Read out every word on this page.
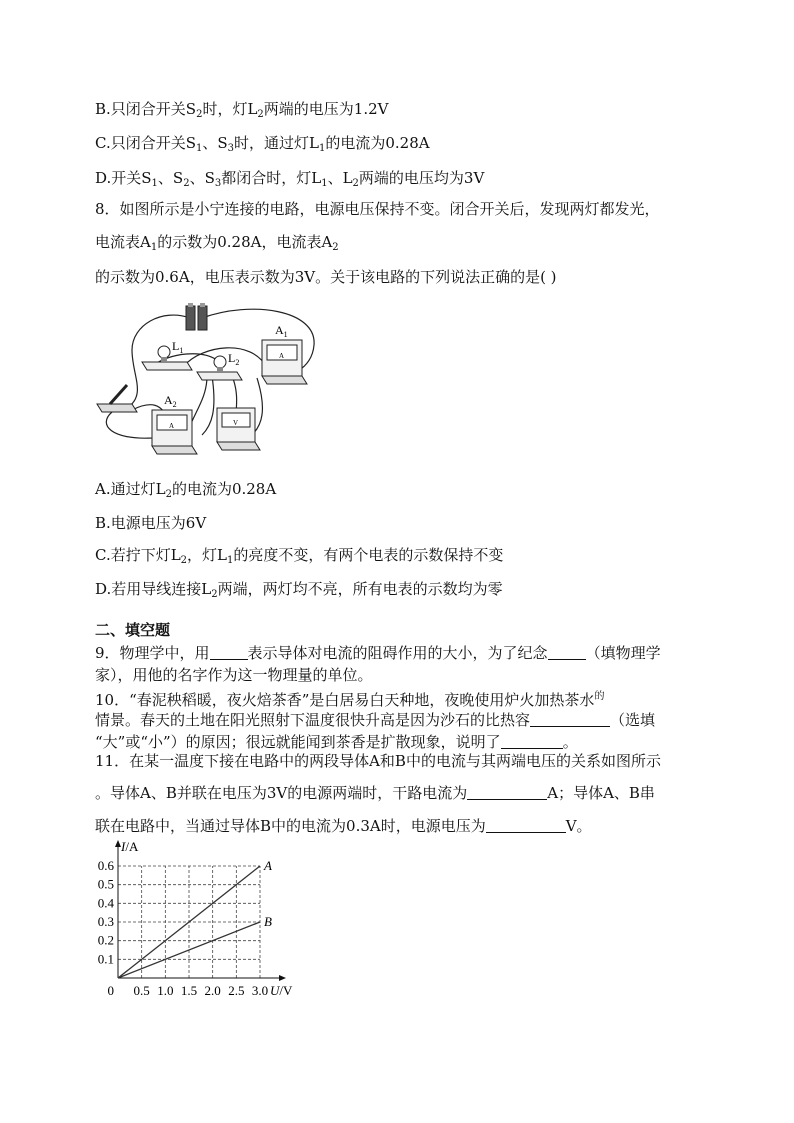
B.只闭合开关$S_2$时，灯$L_2$两端的电压为1.2V
C.只闭合开关$S_1$、$S_3$时，通过灯$L_1$的电流为0.28A
D.开关$S_1$、$S_2$、$S_3$都闭合时，灯$L_1$、$L_2$两端的电压均为3V
8．如图所示是小宁连接的电路，电源电压保持不变。闭合开关后，发现两灯都发光，
电流表$A_1$的示数为0.28A，电流表$A_2$
的示数为0.6A，电压表示数为3V。关于该电路的下列说法正确的是( )
$L_1$
$L_2$
A
$A_1$
A
$A_2$
V
A.通过灯$L_2$的电流为0.28A
B.电源电压为6V
C.若拧下灯$L_2$，灯$L_1$的亮度不变，有两个电表的示数保持不变
D.若用导线连接$L_2$两端，两灯均不亮，所有电表的示数均为零
二、填空题
9．物理学中，用	表示导体对电流的阻碍作用的大小，为了纪念	（填物理学
家），用他的名字作为这一物理量的单位。
10．“春泥秧稻暖，夜火焙茶香”是白居易白天种地，夜晚使用炉火加热茶水$^的$
情景。春天的土地在阳光照射下温度很快升高是因为沙石的比热容	（选填
“大”或“小”）的原因；很远就能闻到茶香是扩散现象，说明了	。
11．在某一温度下接在电路中的两段导体A和B中的电流与其两端电压的关系如图所示
。导体A、B并联在电压为3V的电源两端时，干路电流为	A；导体A、B串
联在电路中，当通过导体B中的电流为0.3A时，电源电压为	V。
0.5 1.0 1.5 2.0 2.5 3.0
0.1
0.2
0.3
0.4
0.5
0.6
0	U/V
I/A
A
B
